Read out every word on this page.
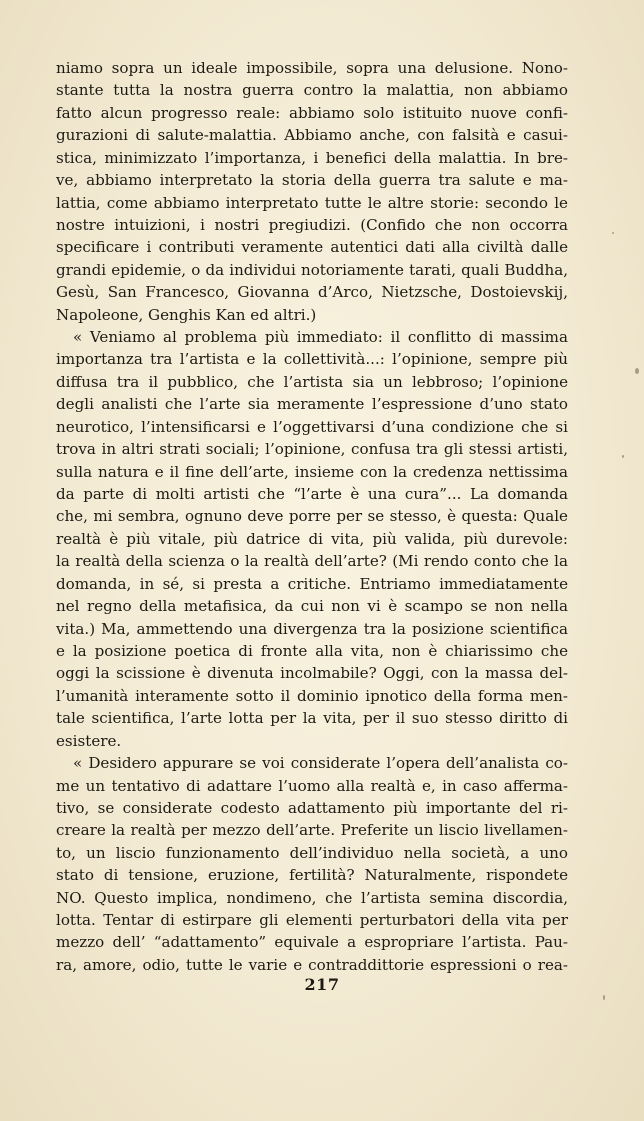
niamo sopra un ideale impossibile, sopra una delusione. Nono-
stante tutta la nostra guerra contro la malattia, non abbiamo
fatto alcun progresso reale: abbiamo solo istituito nuove confi-
gurazioni di salute-malattia. Abbiamo anche, con falsità e casui-
stica, minimizzato l’importanza, i benefici della malattia. In bre-
ve, abbiamo interpretato la storia della guerra tra salute e ma-
lattia, come abbiamo interpretato tutte le altre storie: secondo le
nostre intuizioni, i nostri pregiudizi. (Confido che non occorra
specificare i contributi veramente autentici dati alla civiltà dalle
grandi epidemie, o da individui notoriamente tarati, quali Buddha,
Gesù, San Francesco, Giovanna d’Arco, Nietzsche, Dostoievskij,
Napoleone, Genghis Kan ed altri.)
« Veniamo al problema più immediato: il conflitto di massima
importanza tra l’artista e la collettività...: l’opinione, sempre più
diffusa tra il pubblico, che l’artista sia un lebbroso; l’opinione
degli analisti che l’arte sia meramente l’espressione d’uno stato
neurotico, l’intensificarsi e l’oggettivarsi d’una condizione che si
trova in altri strati sociali; l’opinione, confusa tra gli stessi artisti,
sulla natura e il fine dell’arte, insieme con la credenza nettissima
da parte di molti artisti che “l’arte è una cura”... La domanda
che, mi sembra, ognuno deve porre per se stesso, è questa: Quale
realtà è più vitale, più datrice di vita, più valida, più durevole:
la realtà della scienza o la realtà dell’arte? (Mi rendo conto che la
domanda, in sé, si presta a critiche. Entriamo immediatamente
nel regno della metafisica, da cui non vi è scampo se non nella
vita.) Ma, ammettendo una divergenza tra la posizione scientifica
e la posizione poetica di fronte alla vita, non è chiarissimo che
oggi la scissione è divenuta incolmabile? Oggi, con la massa del-
l’umanità interamente sotto il dominio ipnotico della forma men-
tale scientifica, l’arte lotta per la vita, per il suo stesso diritto di
esistere.
« Desidero appurare se voi considerate l’opera dell’analista co-
me un tentativo di adattare l’uomo alla realtà e, in caso afferma-
tivo, se considerate codesto adattamento più importante del ri-
creare la realtà per mezzo dell’arte. Preferite un liscio livellamen-
to, un liscio funzionamento dell’individuo nella società, a uno
stato di tensione, eruzione, fertilità? Naturalmente, rispondete
NO. Questo implica, nondimeno, che l’artista semina discordia,
lotta. Tentar di estirpare gli elementi perturbatori della vita per
mezzo dell’ “adattamento” equivale a espropriare l’artista. Pau-
ra, amore, odio, tutte le varie e contraddittorie espressioni o rea-
217
